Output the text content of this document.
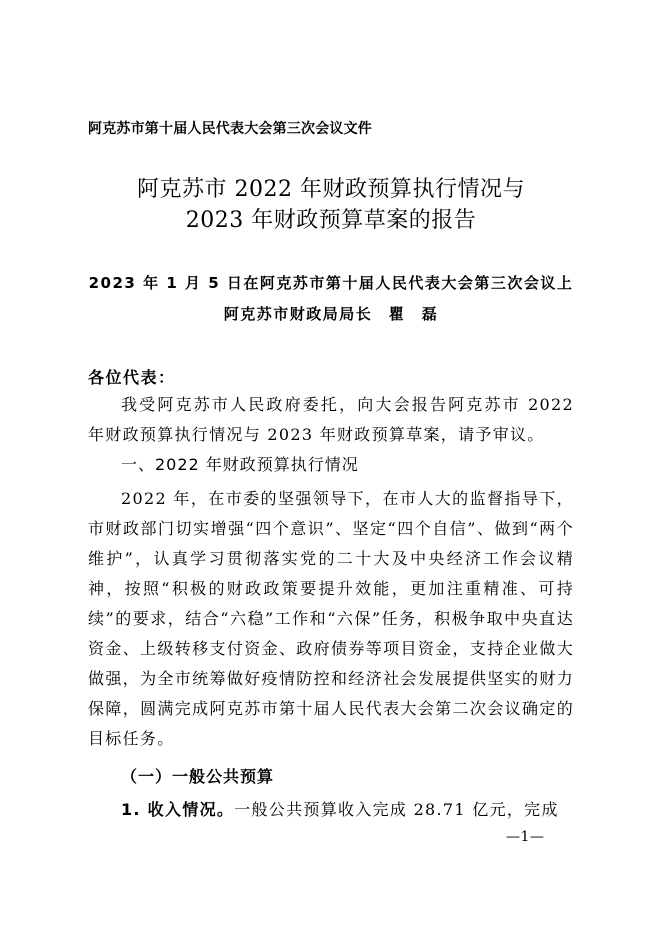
阿克苏市第十届人民代表大会第三次会议文件
阿克苏市 2022 年财政预算执行情况与
2023 年财政预算草案的报告
2023 年 1 月 5 日在阿克苏市第十届人民代表大会第三次会议上
阿克苏市财政局局长　瞿　磊
各位代表：
我受阿克苏市人民政府委托，向大会报告阿克苏市 2022 年财政预算执行情况与 2023 年财政预算草案，请予审议。
一、2022 年财政预算执行情况
2022 年，在市委的坚强领导下，在市人大的监督指导下，市财政部门切实增强“四个意识”、坚定“四个自信”、做到“两个维护”，认真学习贯彻落实党的二十大及中央经济工作会议精神，按照“积极的财政政策要提升效能，更加注重精准、可持续”的要求，结合“六稳”工作和“六保”任务，积极争取中央直达资金、上级转移支付资金、政府债券等项目资金，支持企业做大做强，为全市统筹做好疫情防控和经济社会发展提供坚实的财力保障，圆满完成阿克苏市第十届人民代表大会第二次会议确定的目标任务。
（一）一般公共预算
1. 收入情况。一般公共预算收入完成 28.71 亿元，完成
—1—
